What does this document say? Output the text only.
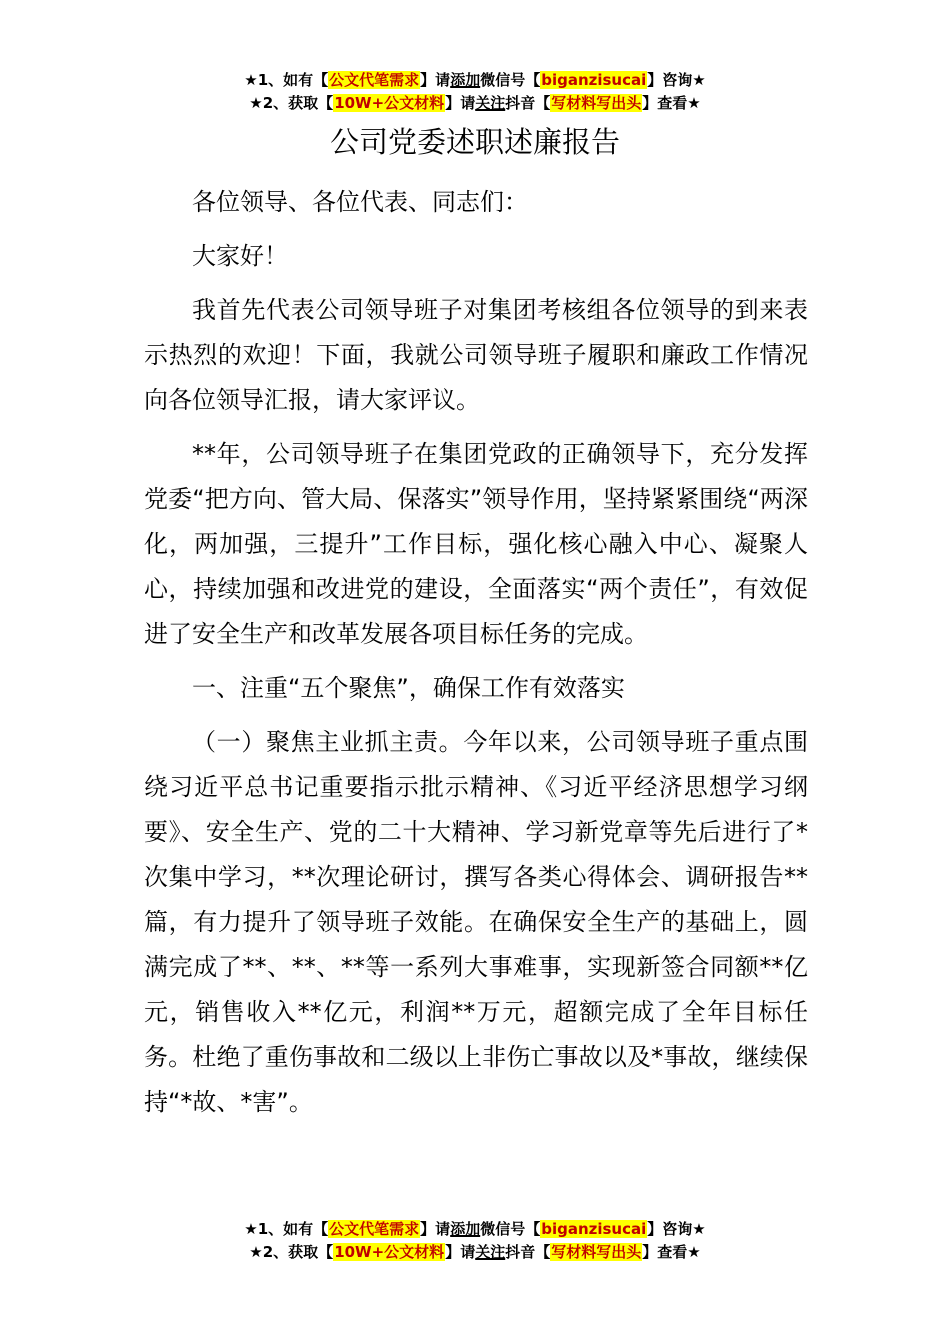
★1、如有【公文代笔需求】请添加微信号【biganzisucai】咨询★
★2、获取【10W+公文材料】请关注抖音【写材料写出头】查看★
公司党委述职述廉报告

各位领导、各位代表、同志们：

大家好！

我首先代表公司领导班子对集团考核组各位领导的到来表示热烈的欢迎！下面，我就公司领导班子履职和廉政工作情况向各位领导汇报，请大家评议。

**年，公司领导班子在集团党政的正确领导下，充分发挥党委“把方向、管大局、保落实”领导作用，坚持紧紧围绕“两深化，两加强，三提升”工作目标，强化核心融入中心、凝聚人心，持续加强和改进党的建设，全面落实“两个责任”，有效促进了安全生产和改革发展各项目标任务的完成。

一、注重“五个聚焦”，确保工作有效落实

（一）聚焦主业抓主责。今年以来，公司领导班子重点围绕习近平总书记重要指示批示精神、《习近平经济思想学习纲要》、安全生产、党的二十大精神、学习新党章等先后进行了*次集中学习，**次理论研讨，撰写各类心得体会、调研报告**篇，有力提升了领导班子效能。在确保安全生产的基础上，圆满完成了**、**、**等一系列大事难事，实现新签合同额**亿元，销售收入**亿元，利润**万元，超额完成了全年目标任务。杜绝了重伤事故和二级以上非伤亡事故以及*事故，继续保持“*故、*害”。

★1、如有【公文代笔需求】请添加微信号【biganzisucai】咨询★
★2、获取【10W+公文材料】请关注抖音【写材料写出头】查看★
